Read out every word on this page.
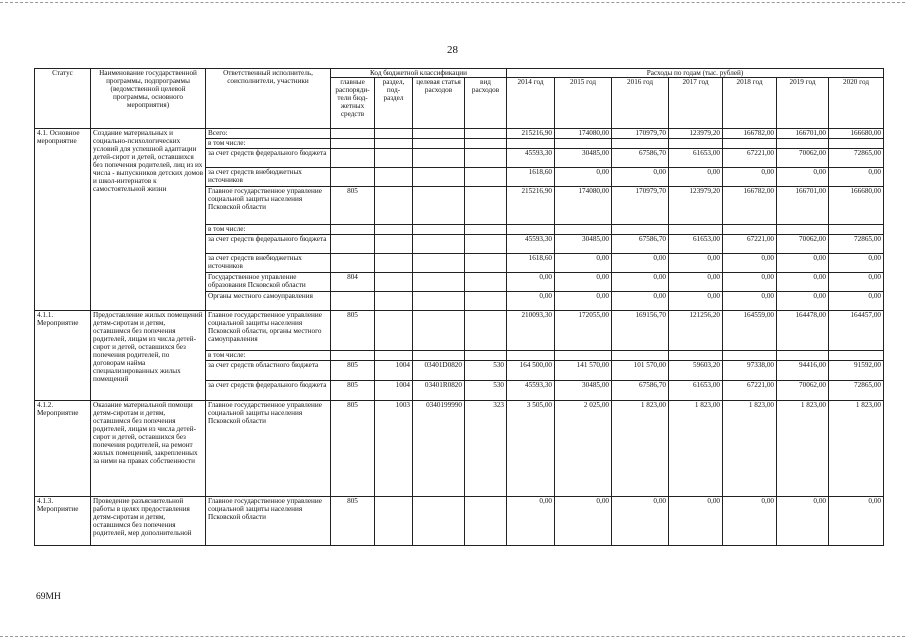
28
Статус	Наименование государственной программы, подпрограммы (ведомственной целевой программы, основного мероприятия)	Ответственный исполнитель, соисполнители, участники	Код бюджетной классификации				Расходы по годам (тыс. рублей)						
			главные распоряди-тели бюд-жетных средств	раздел, под-раздел	целевая статья расходов	вид расходов	2014 год	2015 год	2016 год	2017 год	2018 год	2019 год	2020 год
4.1. Основное мероприятие	Создание материальных и социально-психологических условий для успешной адаптации детей-сирот и детей, оставшихся без попечения родителей, лиц из их числа - выпускников детских домов и школ-интернатов к самостоятельной жизни	Всего:					215216,90	174080,00	170979,70	123979,20	166782,00	166701,00	166680,00
		в том числе:											
		за счет средств федерального бюджета					45593,30	30485,00	67586,70	61653,00	67221,00	70062,00	72865,00
		за счет средств внебюджетных источников					1618,60	0,00	0,00	0,00	0,00	0,00	0,00
		Главное государственное управление социальной защиты населения Псковской области	805				215216,90	174080,00	170979,70	123979,20	166782,00	166701,00	166680,00
		в том числе:											
		за счет средств федерального бюджета					45593,30	30485,00	67586,70	61653,00	67221,00	70062,00	72865,00
		за счет средств внебюджетных источников					1618,60	0,00	0,00	0,00	0,00	0,00	0,00
		Государственное управление образования Псковской области	804				0,00	0,00	0,00	0,00	0,00	0,00	0,00
		Органы местного самоуправления					0,00	0,00	0,00	0,00	0,00	0,00	0,00
4.1.1. Мероприятие	Предоставление жилых помещений детям-сиротам и детям, оставшимся без попечения родителей, лицам из числа детей-сирот и детей, оставшихся без попечения родителей, по договорам найма специализированных жилых помещений	Главное государственное управление социальной защиты населения Псковской области, органы местного самоуправления	805				210093,30	172055,00	169156,70	121256,20	164559,00	164478,00	164457,00
		в том числе:											
		за счет средств областного бюджета	805	1004	03401D0820	530	164 500,00	141 570,00	101 570,00	59603,20	97338,00	94416,00	91592,00
		за счет средств федерального бюджета	805	1004	03401R0820	530	45593,30	30485,00	67586,70	61653,00	67221,00	70062,00	72865,00
4.1.2. Мероприятие	Оказание материальной помощи детям-сиротам и детям, оставшимся без попечения родителей, лицам из числа детей-сирот и детей, оставшихся без попечения родителей, на ремонт жилых помещений, закрепленных за ними на правах собственности	Главное государственное управление социальной защиты населения Псковской области	805	1003	0340199990	323	3 505,00	2 025,00	1 823,00	1 823,00	1 823,00	1 823,00	1 823,00
4.1.3. Мероприятие	Проведение разъяснительной работы в целях предоставления детям-сиротам и детям, оставшимся без попечения родителей, мер дополнительной	Главное государственное управление социальной защиты населения Псковской области	805				0,00	0,00	0,00	0,00	0,00	0,00	0,00
69МН
